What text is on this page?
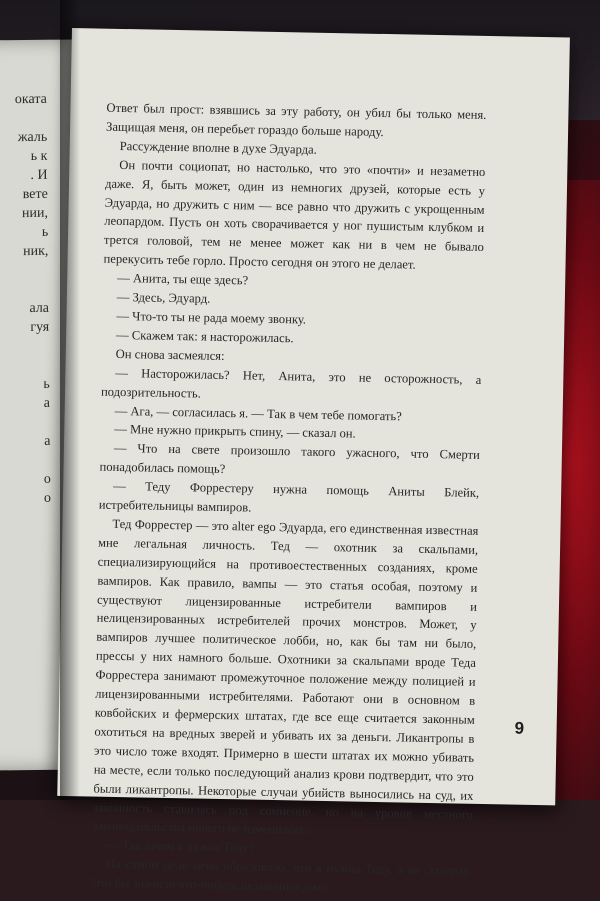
оката
жаль
ь к
. И
вете
нии,
ь
ник,
ала
гуя
ь
а
а
о
о

Ответ был прост: взявшись за эту работу, он убил бы только меня. Защищая меня, он перебьет гораздо больше народу.

Рассуждение вполне в духе Эдуарда.

Он почти социопат, но настолько, что это «почти» и незаметно даже. Я, быть может, один из немногих друзей, которые есть у Эдуарда, но дружить с ним — все равно что дружить с укрощенным леопардом. Пусть он хоть сворачивается у ног пушистым клубком и трется головой, тем не менее может как ни в чем не бывало перекусить тебе горло. Просто сегодня он этого не делает.

— Анита, ты еще здесь?

— Здесь, Эдуард.

— Что-то ты не рада моему звонку.

— Скажем так: я насторожилась.

Он снова засмеялся:

— Насторожилась? Нет, Анита, это не осторожность, а подозрительность.

— Ага, — согласилась я. — Так в чем тебе помогать?

— Мне нужно прикрыть спину, — сказал он.

— Что на свете произошло такого ужасного, что Смерти понадобилась помощь?

— Теду Форрестеру нужна помощь Аниты Блейк, истребительницы вампиров.

Тед Форрестер — это alter ego Эдуарда, его единственная известная мне легальная личность. Тед — охотник за скальпами, специализирующийся на противоестественных созданиях, кроме вампиров. Как правило, вампы — это статья особая, поэтому и существуют лицензированные истребители вампиров и нелицензированных истребителей прочих монстров. Может, у вампиров лучшее политическое лобби, но, как бы там ни было, прессы у них намного больше. Охотники за скальпами вроде Теда Форрестера занимают промежуточное положение между полицией и лицензированными истребителями. Работают они в основном в ковбойских и фермерских штатах, где все еще считается законным охотиться на вредных зверей и убивать их за деньги. Ликантропы в это число тоже входят. Примерно в шести штатах их можно убивать на месте, если только последующий анализ крови подтвердит, что это были ликантропы. Некоторые случаи убийств выносились на суд, их законность ставилась под сомнение, но на уровне местного законодательства ничего не изменилось.

— Так зачем я нужна Теду?

На самом деле меня обрадовало, что я нужна Теду, а не Эдуарду. Это бы значило что-нибудь незаконное, ско-

9
